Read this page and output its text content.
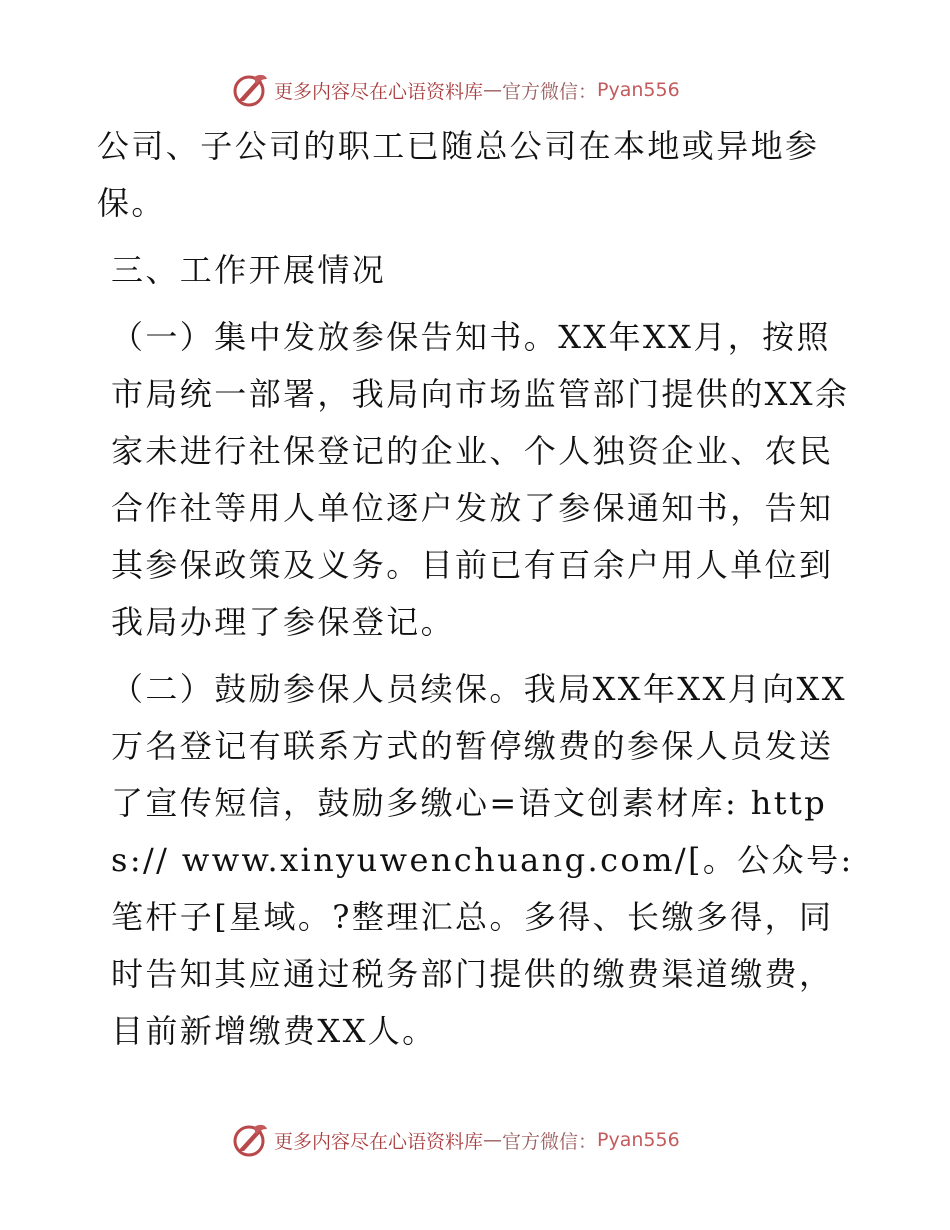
更多内容尽在心语资料库 — 官方微信： Pyan556

公司、子公司的职工已随总公司在本地或异地参保。

三、工作开展情况

（一）集中发放参保告知书。XX年XX月，按照市局统一部署，我局向市场监管部门提供的XX余家未进行社保登记的企业、个人独资企业、农民合作社等用人单位逐户发放了参保通知书，告知其参保政策及义务。目前已有百余户用人单位到我局办理了参保登记。

（二）鼓励参保人员续保。我局XX年XX月向XX万名登记有联系方式的暂停缴费的参保人员发送了宣传短信，鼓励多缴心=语文创素材库: https:// www.xinyuwenchuang.com/[。公众号: 笔杆子[星域。?整理汇总。多得、长缴多得，同时告知其应通过税务部门提供的缴费渠道缴费，目前新增缴费XX人。

更多内容尽在心语资料库 — 官方微信： Pyan556
